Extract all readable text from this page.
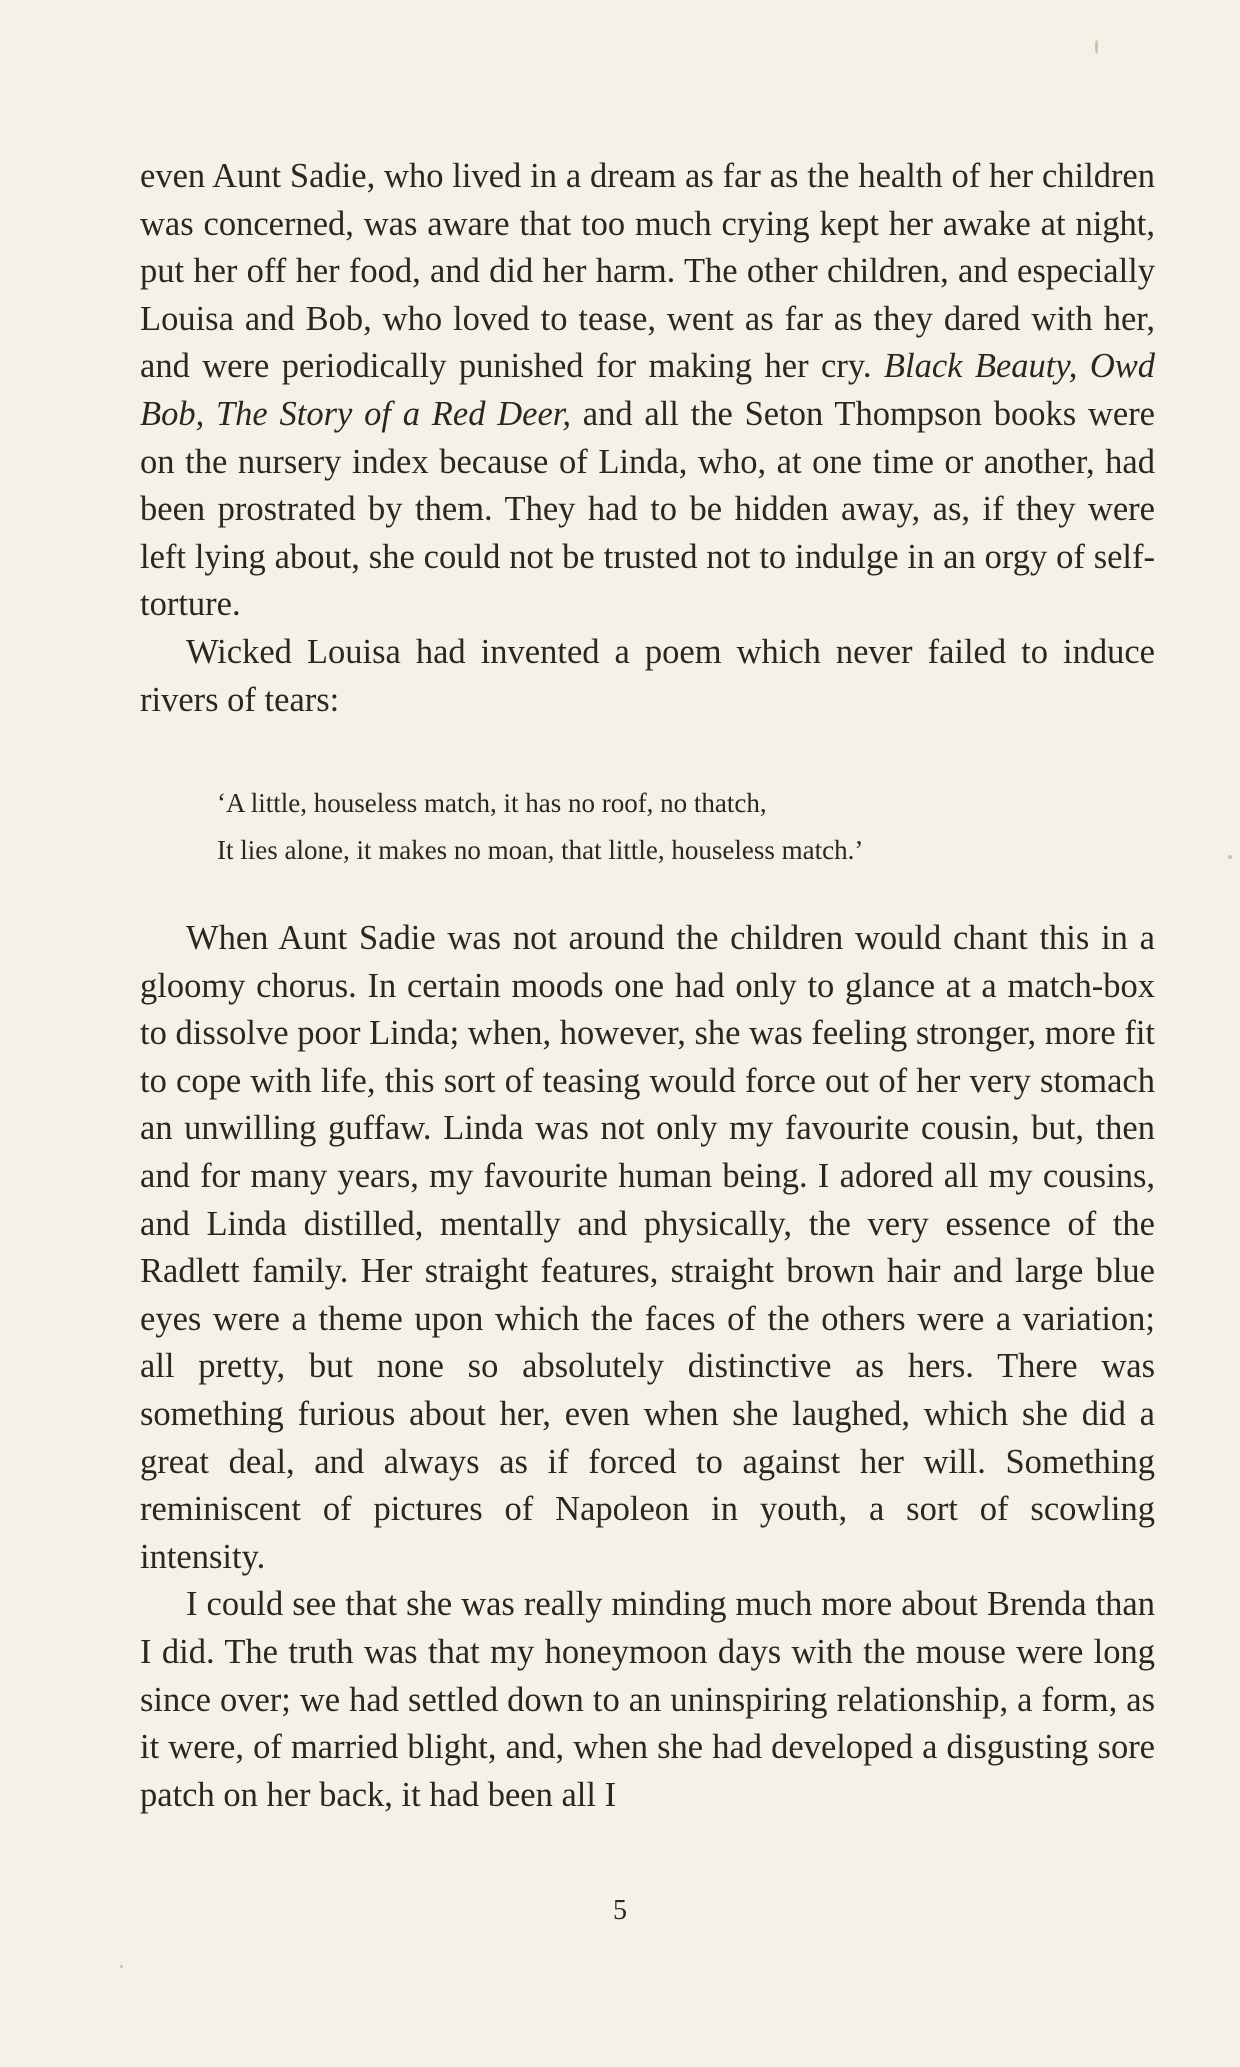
even Aunt Sadie, who lived in a dream as far as the health of her children was concerned, was aware that too much crying kept her awake at night, put her off her food, and did her harm. The other children, and especially Louisa and Bob, who loved to tease, went as far as they dared with her, and were periodically punished for making her cry. Black Beauty, Owd Bob, The Story of a Red Deer, and all the Seton Thompson books were on the nursery index because of Linda, who, at one time or another, had been prostrated by them. They had to be hidden away, as, if they were left lying about, she could not be trusted not to indulge in an orgy of self-torture.

Wicked Louisa had invented a poem which never failed to induce rivers of tears:

‘A little, houseless match, it has no roof, no thatch,
It lies alone, it makes no moan, that little, houseless match.’

When Aunt Sadie was not around the children would chant this in a gloomy chorus. In certain moods one had only to glance at a match-box to dissolve poor Linda; when, however, she was feeling stronger, more fit to cope with life, this sort of teasing would force out of her very stomach an unwilling guffaw. Linda was not only my favourite cousin, but, then and for many years, my favourite human being. I adored all my cousins, and Linda distilled, mentally and physically, the very essence of the Radlett family. Her straight features, straight brown hair and large blue eyes were a theme upon which the faces of the others were a variation; all pretty, but none so absolutely distinctive as hers. There was something furious about her, even when she laughed, which she did a great deal, and always as if forced to against her will. Something reminiscent of pictures of Napoleon in youth, a sort of scowling intensity.

I could see that she was really minding much more about Brenda than I did. The truth was that my honeymoon days with the mouse were long since over; we had settled down to an uninspiring relationship, a form, as it were, of married blight, and, when she had developed a disgusting sore patch on her back, it had been all I

5
